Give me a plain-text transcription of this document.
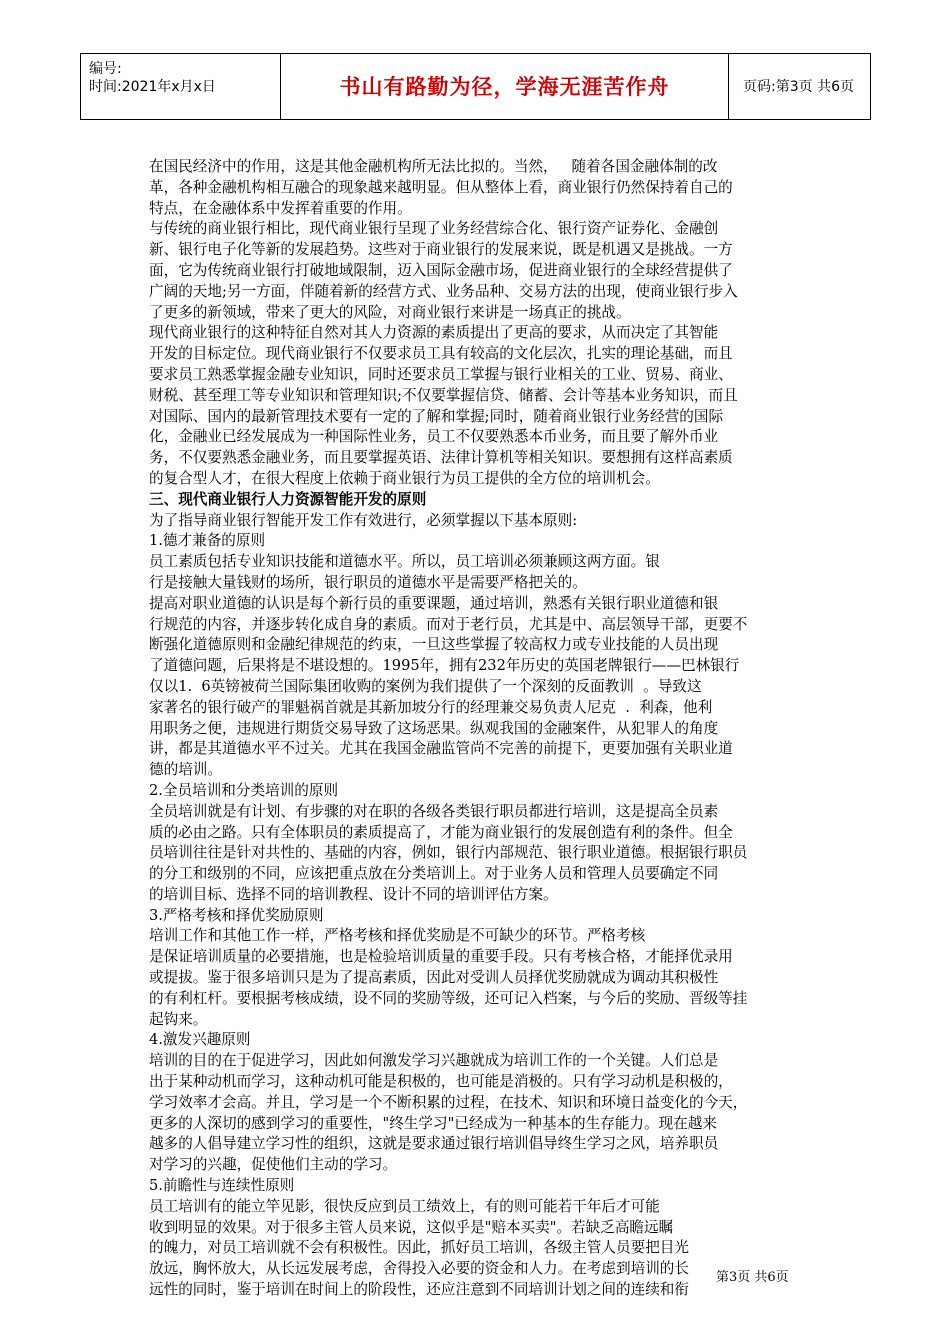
编号:
时间:2021年x月x日	书山有路勤为径，学海无涯苦作舟	页码:第3页 共6页
在国民经济中的作用，这是其他金融机构所无法比拟的。当然，   随着各国金融体制的改
革，各种金融机构相互融合的现象越来越明显。但从整体上看，商业银行仍然保持着自己的
特点，在金融体系中发挥着重要的作用。
与传统的商业银行相比，现代商业银行呈现了业务经营综合化、银行资产证券化、金融创
新、银行电子化等新的发展趋势。这些对于商业银行的发展来说，既是机遇又是挑战。一方
面，它为传统商业银行打破地域限制，迈入国际金融市场，促进商业银行的全球经营提供了
广阔的天地;另一方面，伴随着新的经营方式、业务品种、交易方法的出现，使商业银行步入
了更多的新领域，带来了更大的风险，对商业银行来讲是一场真正的挑战。
现代商业银行的这种特征自然对其人力资源的素质提出了更高的要求，从而决定了其智能
开发的目标定位。现代商业银行不仅要求员工具有较高的文化层次，扎实的理论基础，而且
要求员工熟悉掌握金融专业知识，同时还要求员工掌握与银行业相关的工业、贸易、商业、
财税、甚至理工等专业知识和管理知识;不仅要掌握信贷、储蓄、会计等基本业务知识，而且
对国际、国内的最新管理技术要有一定的了解和掌握;同时，随着商业银行业务经营的国际
化，金融业已经发展成为一种国际性业务，员工不仅要熟悉本币业务，而且要了解外币业
务，不仅要熟悉金融业务，而且要掌握英语、法律计算机等相关知识。要想拥有这样高素质
的复合型人才，在很大程度上依赖于商业银行为员工提供的全方位的培训机会。
三、现代商业银行人力资源智能开发的原则
为了指导商业银行智能开发工作有效进行，必须掌握以下基本原则:
1.德才兼备的原则
员工素质包括专业知识技能和道德水平。所以，员工培训必须兼顾这两方面。银
行是接触大量钱财的场所，银行职员的道德水平是需要严格把关的。
提高对职业道德的认识是每个新行员的重要课题，通过培训，熟悉有关银行职业道德和银
行规范的内容，并逐步转化成自身的素质。而对于老行员，尤其是中、高层领导干部，更要不
断强化道德原则和金融纪律规范的约束，一旦这些掌握了较高权力或专业技能的人员出现
了道德问题，后果将是不堪设想的。1995年，拥有232年历史的英国老牌银行——巴林银行
仅以1.  6英镑被荷兰国际集团收购的案例为我们提供了一个深刻的反面教训  。导致这
家著名的银行破产的罪魁祸首就是其新加坡分行的经理兼交易负责人尼克  .  利森，他利
用职务之便，违规进行期货交易导致了这场恶果。纵观我国的金融案件，从犯罪人的角度
讲，都是其道德水平不过关。尤其在我国金融监管尚不完善的前提下，更要加强有关职业道
德的培训。
2.全员培训和分类培训的原则
全员培训就是有计划、有步骤的对在职的各级各类银行职员都进行培训，这是提高全员素
质的必由之路。只有全体职员的素质提高了，才能为商业银行的发展创造有利的条件。但全
员培训往往是针对共性的、基础的内容，例如，银行内部规范、银行职业道德。根据银行职员
的分工和级别的不同，应该把重点放在分类培训上。对于业务人员和管理人员要确定不同
的培训目标、选择不同的培训教程、设计不同的培训评估方案。
3.严格考核和择优奖励原则
培训工作和其他工作一样，严格考核和择优奖励是不可缺少的环节。严格考核
是保证培训质量的必要措施，也是检验培训质量的重要手段。只有考核合格，才能择优录用
或提拔。鉴于很多培训只是为了提高素质，因此对受训人员择优奖励就成为调动其积极性
的有利杠杆。要根据考核成绩，设不同的奖励等级，还可记入档案，与今后的奖励、晋级等挂
起钩来。
4.激发兴趣原则
培训的目的在于促进学习，因此如何激发学习兴趣就成为培训工作的一个关键。人们总是
出于某种动机而学习，这种动机可能是积极的，也可能是消极的。只有学习动机是积极的，
学习效率才会高。并且，学习是一个不断积累的过程，在技术、知识和环境日益变化的今天，
更多的人深切的感到学习的重要性，"终生学习"已经成为一种基本的生存能力。现在越来
越多的人倡导建立学习性的组织，这就是要求通过银行培训倡导终生学习之风，培养职员
对学习的兴趣，促使他们主动的学习。
5.前瞻性与连续性原则
员工培训有的能立竿见影，很快反应到员工绩效上，有的则可能若干年后才可能
收到明显的效果。对于很多主管人员来说，这似乎是"赔本买卖"。若缺乏高瞻远瞩
的魄力，对员工培训就不会有积极性。因此，抓好员工培训，各级主管人员要把目光
放远，胸怀放大，从长远发展考虑，舍得投入必要的资金和人力。在考虑到培训的长
远性的同时，鉴于培训在时间上的阶段性，还应注意到不同培训计划之间的连续和衔
第3页 共6页
